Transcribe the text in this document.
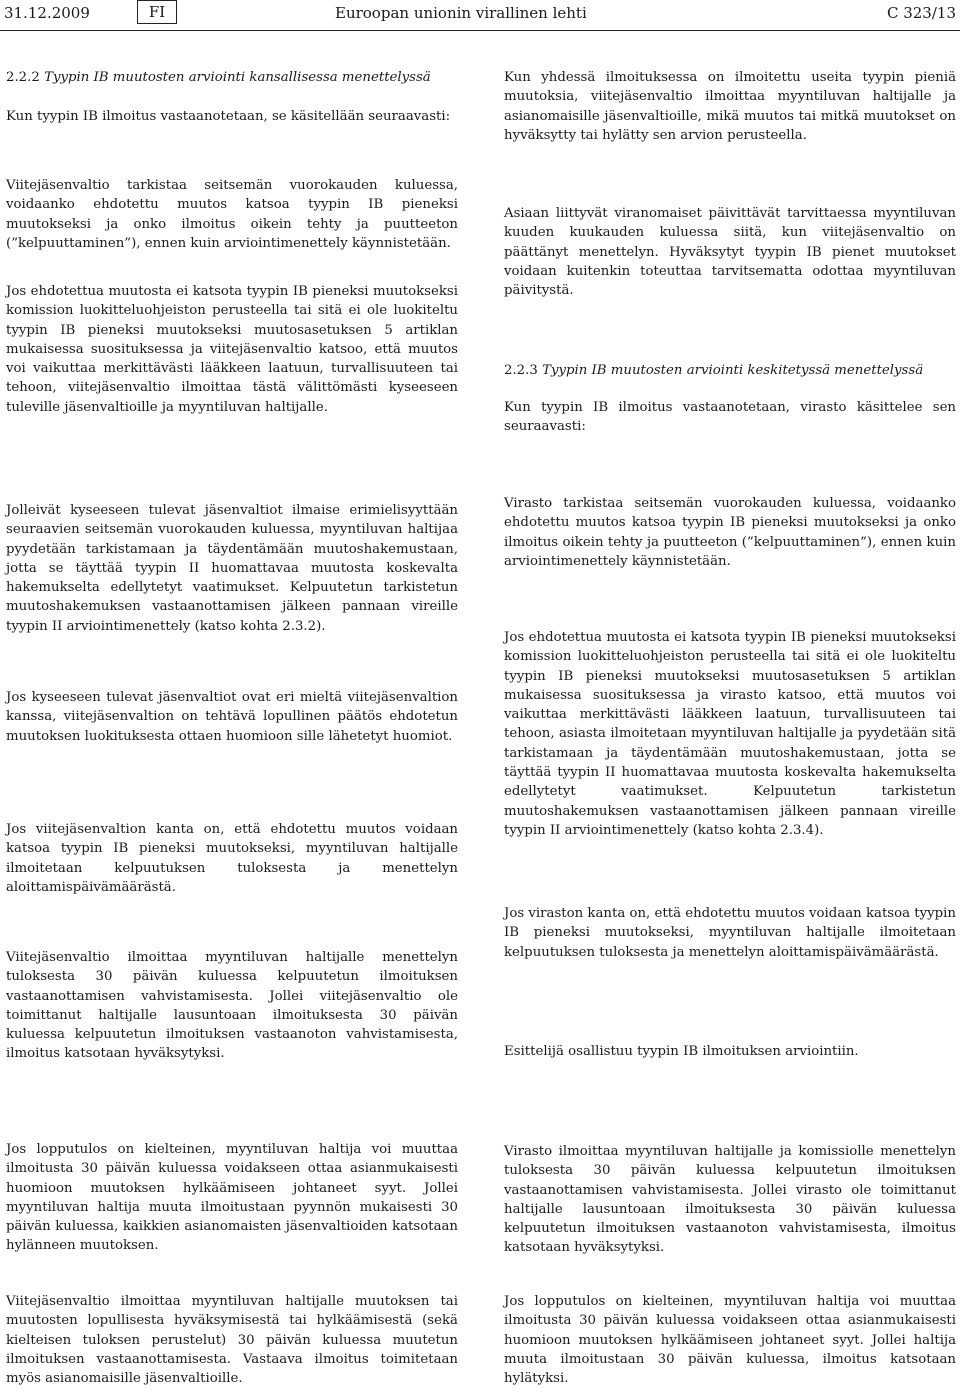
31.12.2009	FI	Euroopan unionin virallinen lehti	C 323/13

2.2.2 Tyypin IB muutosten arviointi kansallisessa menettelyssä

Kun tyypin IB ilmoitus vastaanotetaan, se käsitellään seuraavasti:

Viitejäsenvaltio tarkistaa seitsemän vuorokauden kuluessa, voidaanko ehdotettu muutos katsoa tyypin IB pieneksi muutokseksi ja onko ilmoitus oikein tehty ja puutteeton (”kelpuuttaminen”), ennen kuin arviointimenettely käynnistetään.

Jos ehdotettua muutosta ei katsota tyypin IB pieneksi muutokseksi komission luokitteluohjeiston perusteella tai sitä ei ole luokiteltu tyypin IB pieneksi muutokseksi muutosasetuksen 5 artiklan mukaisessa suosituksessa ja viitejäsenvaltio katsoo, että muutos voi vaikuttaa merkittävästi lääkkeen laatuun, turvallisuuteen tai tehoon, viitejäsenvaltio ilmoittaa tästä välittömästi kyseeseen tuleville jäsenvaltioille ja myyntiluvan haltijalle.

Jolleivät kyseeseen tulevat jäsenvaltiot ilmaise erimielisyyttään seuraavien seitsemän vuorokauden kuluessa, myyntiluvan haltijaa pyydetään tarkistamaan ja täydentämään muutoshakemustaan, jotta se täyttää tyypin II huomattavaa muutosta koskevalta hakemukselta edellytetyt vaatimukset. Kelpuutetun tarkistetun muutoshakemuksen vastaanottamisen jälkeen pannaan vireille tyypin II arviointimenettely (katso kohta 2.3.2).

Jos kyseeseen tulevat jäsenvaltiot ovat eri mieltä viitejäsenvaltion kanssa, viitejäsenvaltion on tehtävä lopullinen päätös ehdotetun muutoksen luokituksesta ottaen huomioon sille lähetetyt huomiot.

Jos viitejäsenvaltion kanta on, että ehdotettu muutos voidaan katsoa tyypin IB pieneksi muutokseksi, myyntiluvan haltijalle ilmoitetaan kelpuutuksen tuloksesta ja menettelyn aloittamispäivämäärästä.

Viitejäsenvaltio ilmoittaa myyntiluvan haltijalle menettelyn tuloksesta 30 päivän kuluessa kelpuutetun ilmoituksen vastaanottamisen vahvistamisesta. Jollei viitejäsenvaltio ole toimittanut haltijalle lausuntoaan ilmoituksesta 30 päivän kuluessa kelpuutetun ilmoituksen vastaanoton vahvistamisesta, ilmoitus katsotaan hyväksytyksi.

Jos lopputulos on kielteinen, myyntiluvan haltija voi muuttaa ilmoitusta 30 päivän kuluessa voidakseen ottaa asianmukaisesti huomioon muutoksen hylkäämiseen johtaneet syyt. Jollei myyntiluvan haltija muuta ilmoitustaan pyynnön mukaisesti 30 päivän kuluessa, kaikkien asianomaisten jäsenvaltioiden katsotaan hylänneen muutoksen.

Viitejäsenvaltio ilmoittaa myyntiluvan haltijalle muutoksen tai muutosten lopullisesta hyväksymisestä tai hylkäämisestä (sekä kielteisen tuloksen perustelut) 30 päivän kuluessa muutetun ilmoituksen vastaanottamisesta. Vastaava ilmoitus toimitetaan myös asianomaisille jäsenvaltioille.

Kun yhdessä ilmoituksessa on ilmoitettu useita tyypin pieniä muutoksia, viitejäsenvaltio ilmoittaa myyntiluvan haltijalle ja asianomaisille jäsenvaltioille, mikä muutos tai mitkä muutokset on hyväksytty tai hylätty sen arvion perusteella.

Asiaan liittyvät viranomaiset päivittävät tarvittaessa myyntiluvan kuuden kuukauden kuluessa siitä, kun viitejäsenvaltio on päättänyt menettelyn. Hyväksytyt tyypin IB pienet muutokset voidaan kuitenkin toteuttaa tarvitsematta odottaa myyntiluvan päivitystä.

2.2.3 Tyypin IB muutosten arviointi keskitetyssä menettelyssä

Kun tyypin IB ilmoitus vastaanotetaan, virasto käsittelee sen seuraavasti:

Virasto tarkistaa seitsemän vuorokauden kuluessa, voidaanko ehdotettu muutos katsoa tyypin IB pieneksi muutokseksi ja onko ilmoitus oikein tehty ja puutteeton (”kelpuuttaminen”), ennen kuin arviointimenettely käynnistetään.

Jos ehdotettua muutosta ei katsota tyypin IB pieneksi muutokseksi komission luokitteluohjeiston perusteella tai sitä ei ole luokiteltu tyypin IB pieneksi muutokseksi muutosasetuksen 5 artiklan mukaisessa suosituksessa ja virasto katsoo, että muutos voi vaikuttaa merkittävästi lääkkeen laatuun, turvallisuuteen tai tehoon, asiasta ilmoitetaan myyntiluvan haltijalle ja pyydetään sitä tarkistamaan ja täydentämään muutoshakemustaan, jotta se täyttää tyypin II huomattavaa muutosta koskevalta hakemukselta edellytetyt vaatimukset. Kelpuutetun tarkistetun muutoshakemuksen vastaanottamisen jälkeen pannaan vireille tyypin II arviointimenettely (katso kohta 2.3.4).

Jos viraston kanta on, että ehdotettu muutos voidaan katsoa tyypin IB pieneksi muutokseksi, myyntiluvan haltijalle ilmoitetaan kelpuutuksen tuloksesta ja menettelyn aloittamispäivämäärästä.

Esittelijä osallistuu tyypin IB ilmoituksen arviointiin.

Virasto ilmoittaa myyntiluvan haltijalle ja komissiolle menettelyn tuloksesta 30 päivän kuluessa kelpuutetun ilmoituksen vastaanottamisen vahvistamisesta. Jollei virasto ole toimittanut haltijalle lausuntoaan ilmoituksesta 30 päivän kuluessa kelpuutetun ilmoituksen vastaanoton vahvistamisesta, ilmoitus katsotaan hyväksytyksi.

Jos lopputulos on kielteinen, myyntiluvan haltija voi muuttaa ilmoitusta 30 päivän kuluessa voidakseen ottaa asianmukaisesti huomioon muutoksen hylkäämiseen johtaneet syyt. Jollei haltija muuta ilmoitustaan 30 päivän kuluessa, ilmoitus katsotaan hylätyksi.
